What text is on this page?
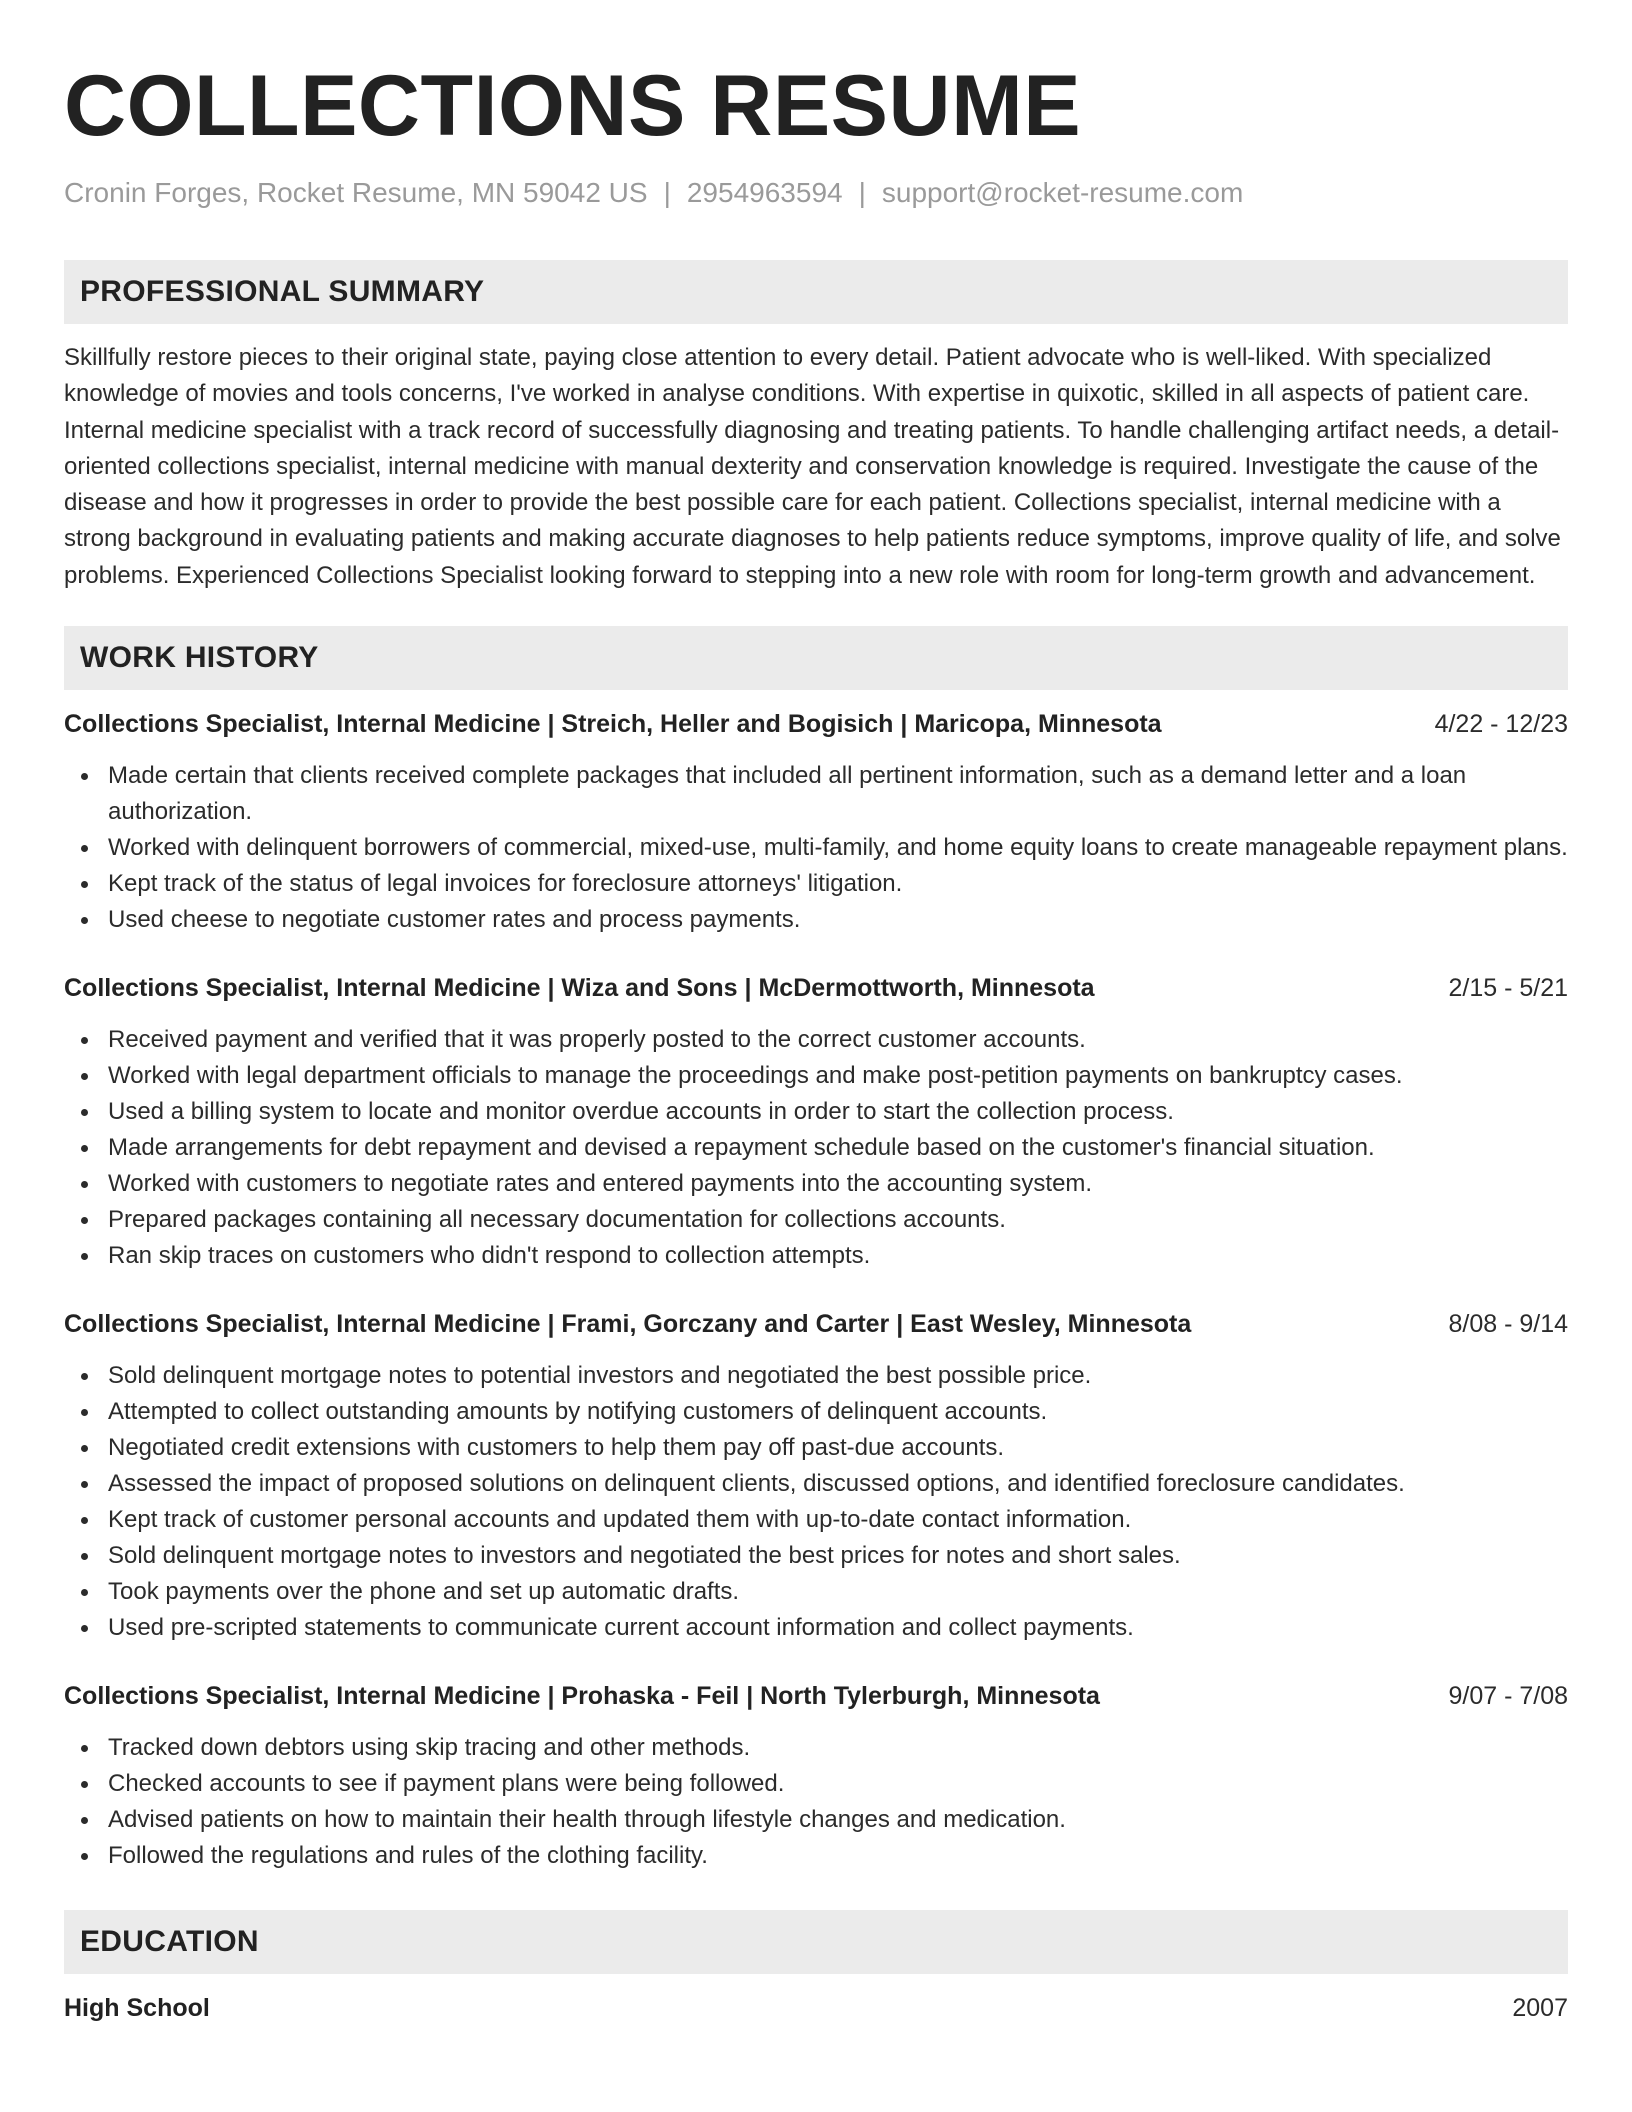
COLLECTIONS RESUME
Cronin Forges, Rocket Resume, MN 59042 US | 2954963594 | support@rocket-resume.com
PROFESSIONAL SUMMARY

Skillfully restore pieces to their original state, paying close attention to every detail. Patient advocate who is well-liked. With specialized knowledge of movies and tools concerns, I've worked in analyse conditions. With expertise in quixotic, skilled in all aspects of patient care. Internal medicine specialist with a track record of successfully diagnosing and treating patients. To handle challenging artifact needs, a detail-oriented collections specialist, internal medicine with manual dexterity and conservation knowledge is required. Investigate the cause of the disease and how it progresses in order to provide the best possible care for each patient. Collections specialist, internal medicine with a strong background in evaluating patients and making accurate diagnoses to help patients reduce symptoms, improve quality of life, and solve problems. Experienced Collections Specialist looking forward to stepping into a new role with room for long-term growth and advancement.

WORK HISTORY
Collections Specialist, Internal Medicine | Streich, Heller and Bogisich | Maricopa, Minnesota	4/22 - 12/23
Made certain that clients received complete packages that included all pertinent information, such as a demand letter and a loan authorization.
Worked with delinquent borrowers of commercial, mixed-use, multi-family, and home equity loans to create manageable repayment plans.
Kept track of the status of legal invoices for foreclosure attorneys' litigation.
Used cheese to negotiate customer rates and process payments.
Collections Specialist, Internal Medicine | Wiza and Sons | McDermottworth, Minnesota	2/15 - 5/21
Received payment and verified that it was properly posted to the correct customer accounts.
Worked with legal department officials to manage the proceedings and make post-petition payments on bankruptcy cases.
Used a billing system to locate and monitor overdue accounts in order to start the collection process.
Made arrangements for debt repayment and devised a repayment schedule based on the customer's financial situation.
Worked with customers to negotiate rates and entered payments into the accounting system.
Prepared packages containing all necessary documentation for collections accounts.
Ran skip traces on customers who didn't respond to collection attempts.
Collections Specialist, Internal Medicine | Frami, Gorczany and Carter | East Wesley, Minnesota	8/08 - 9/14
Sold delinquent mortgage notes to potential investors and negotiated the best possible price.
Attempted to collect outstanding amounts by notifying customers of delinquent accounts.
Negotiated credit extensions with customers to help them pay off past-due accounts.
Assessed the impact of proposed solutions on delinquent clients, discussed options, and identified foreclosure candidates.
Kept track of customer personal accounts and updated them with up-to-date contact information.
Sold delinquent mortgage notes to investors and negotiated the best prices for notes and short sales.
Took payments over the phone and set up automatic drafts.
Used pre-scripted statements to communicate current account information and collect payments.
Collections Specialist, Internal Medicine | Prohaska - Feil | North Tylerburgh, Minnesota	9/07 - 7/08
Tracked down debtors using skip tracing and other methods.
Checked accounts to see if payment plans were being followed.
Advised patients on how to maintain their health through lifestyle changes and medication.
Followed the regulations and rules of the clothing facility.
EDUCATION
High School	2007
